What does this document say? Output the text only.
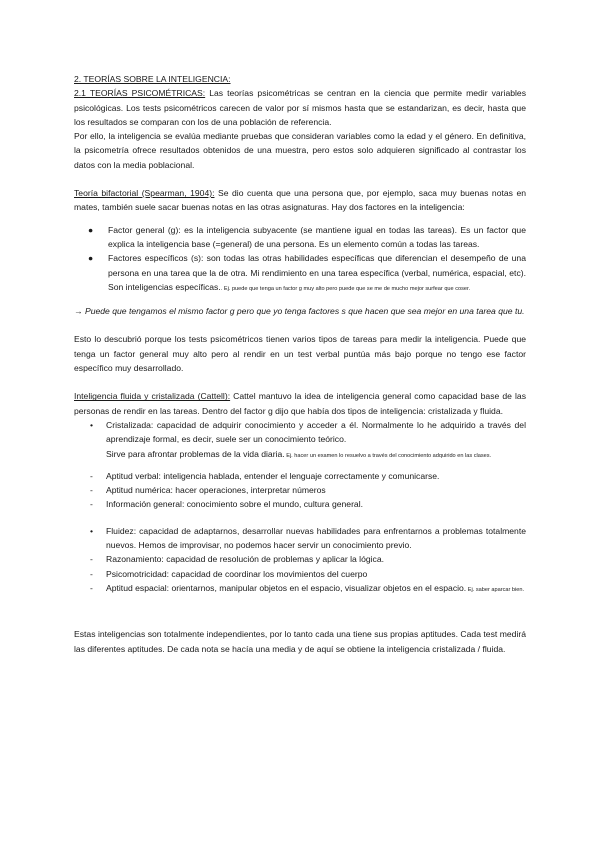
2. TEORÍAS SOBRE LA INTELIGENCIA:

2.1 TEORÍAS PSICOMÉTRICAS: Las teorías psicométricas se centran en la ciencia que permite medir variables psicológicas. Los tests psicométricos carecen de valor por sí mismos hasta que se estandarizan, es decir, hasta que los resultados se comparan con los de una población de referencia.

Por ello, la inteligencia se evalúa mediante pruebas que consideran variables como la edad y el género. En definitiva, la psicometría ofrece resultados obtenidos de una muestra, pero estos solo adquieren significado al contrastar los datos con la media poblacional.

Teoría bifactorial (Spearman, 1904): Se dio cuenta que una persona que, por ejemplo, saca muy buenas notas en mates, también suele sacar buenas notas en las otras asignaturas. Hay dos factores en la inteligencia:

● Factor general (g): es la inteligencia subyacente (se mantiene igual en todas las tareas). Es un factor que explica la inteligencia base (=general) de una persona. Es un elemento común a todas las tareas.
● Factores específicos (s): son todas las otras habilidades específicas que diferencian el desempeño de una persona en una tarea que la de otra. Mi rendimiento en una tarea específica (verbal, numérica, espacial, etc). Son inteligencias específicas.. Ej. puede que tenga un factor g muy alto pero puede que se me de mucho mejor surfear que coser.

→ Puede que tengamos el mismo factor g pero que yo tenga factores s que hacen que sea mejor en una tarea que tu.

Esto lo descubrió porque los tests psicométricos tienen varios tipos de tareas para medir la inteligencia. Puede que tenga un factor general muy alto pero al rendir en un test verbal puntúa más bajo porque no tengo ese factor específico muy desarrollado.

Inteligencia fluida y cristalizada (Cattell): Cattel mantuvo la idea de inteligencia general como capacidad base de las personas de rendir en las tareas. Dentro del factor g dijo que había dos tipos de inteligencia: cristalizada y fluida.

• Cristalizada: capacidad de adquirir conocimiento y acceder a él. Normalmente lo he adquirido a través del aprendizaje formal, es decir, suele ser un conocimiento teórico.
Sirve para afrontar problemas de la vida diaria. Ej. hacer un examen lo resuelvo a través del conocimiento adquirido en las clases.
- Aptitud verbal: inteligencia hablada, entender el lenguaje correctamente y comunicarse.
- Aptitud numérica: hacer operaciones, interpretar números
- Información general: conocimiento sobre el mundo, cultura general.
• Fluidez: capacidad de adaptarnos, desarrollar nuevas habilidades para enfrentarnos a problemas totalmente nuevos. Hemos de improvisar, no podemos hacer servir un conocimiento previo.
- Razonamiento: capacidad de resolución de problemas y aplicar la lógica.
- Psicomotricidad: capacidad de coordinar los movimientos del cuerpo
- Aptitud espacial: orientarnos, manipular objetos en el espacio, visualizar objetos en el espacio. Ej. saber aparcar bien.

Estas inteligencias son totalmente independientes, por lo tanto cada una tiene sus propias aptitudes. Cada test medirá las diferentes aptitudes. De cada nota se hacía una media y de aquí se obtiene la inteligencia cristalizada / fluida.
